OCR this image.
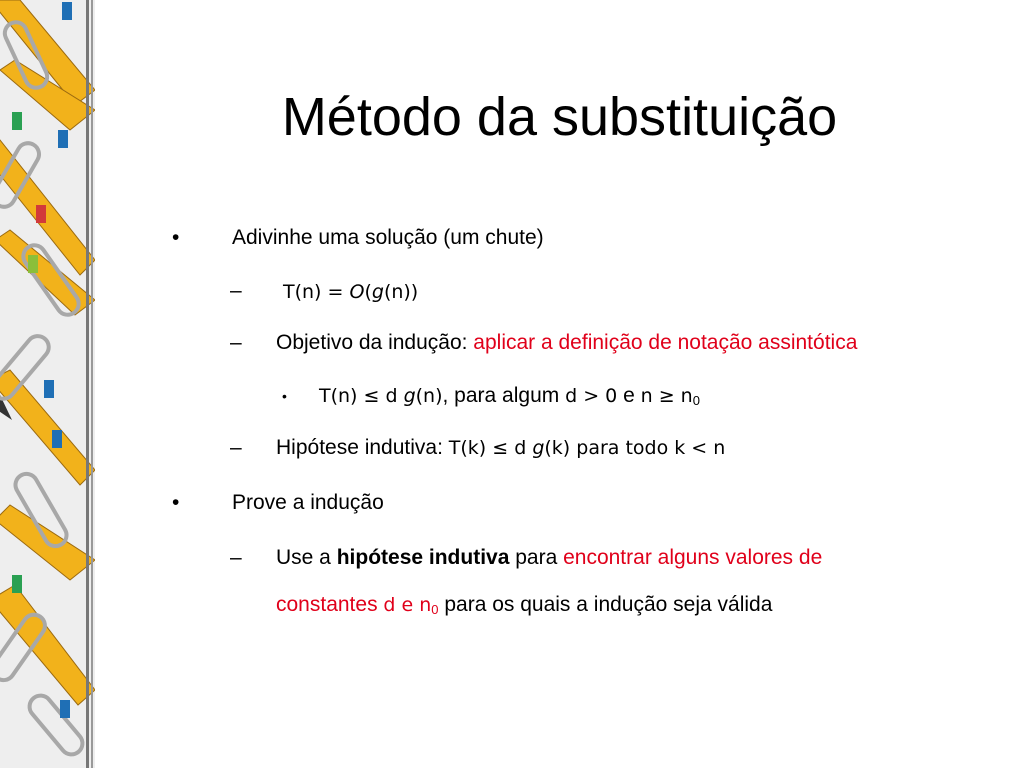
Método da substituição
•	Adivinhe uma solução (um chute)
– T(n) = O(g(n))
– Objetivo da indução: aplicar a definição de notação assintótica
• T(n) ≤ d g(n), para algum d > 0 e $n \ge n_0$
– Hipótese indutiva: T(k) ≤ d g(k) para todo k < n
•	Prove a indução
– Use a hipótese indutiva para encontrar alguns valores de
constantes d e $n_0$ para os quais a indução seja válida
